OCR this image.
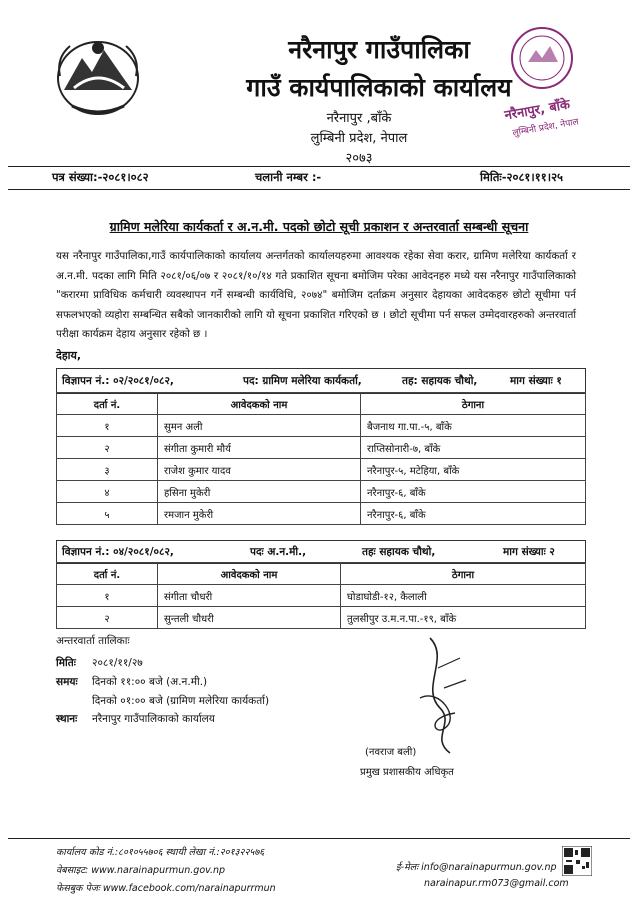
नरैनापुर गाउँपालिका
गाउँ कार्यपालिकाको कार्यालय
नरैनापुर ,बाँके
लुम्बिनी प्रदेश, नेपाल
२०७३
नरैनापुर, बाँके
लुम्बिनी प्रदेश, नेपाल
पत्र संख्या:-२०८१।०८२	चलानी नम्बर :-	मितिः-२०८१।११।२५
ग्रामिण मलेरिया कार्यकर्ता र अ.न.मी. पदको छोटो सूची प्रकाशन र अन्तरवार्ता सम्बन्धी सूचना
यस नरैनापुर गाउँपालिका,गाउँ कार्यपालिकाको कार्यालय अन्तर्गतको कार्यालयहरुमा आवश्यक रहेका सेवा करार, ग्रामिण मलेरिया कार्यकर्ता र अ.न.मी. पदका लागि मिति २०८१/०६/०७ र २०८१/१०/१४ गते प्रकाशित सूचना बमोजिम परेका आवेदनहरु मध्ये यस नरैनापुर गाउँपालिकाको "करारमा प्राविधिक कर्मचारी व्यवस्थापन गर्ने सम्बन्धी कार्यविधि, २०७४" बमोजिम दर्ताक्रम अनुसार देहायका आवेदकहरु छोटो सूचीमा पर्न सफलभएको व्यहोरा सम्बन्धित सबैको जानकारीको लागि यो सूचना प्रकाशित गरिएको छ । छोटो सूचीमा पर्न सफल उम्मेदवारहरुको अन्तरवार्ता परीक्षा कार्यक्रम देहाय अनुसार रहेको छ ।
देहाय,
विज्ञापन नं.: ०२/२०८१/०८२,	पद: ग्रामिण मलेरिया कार्यकर्ता,	तह: सहायक चौथो,	माग संख्याः १
दर्ता नं.	आवेदकको नाम	ठेगाना
१	सुमन अली	बैजनाथ गा.पा.-५, बाँके
२	संगीता कुमारी मौर्य	राप्तिसोनारी-७, बाँके
३	राजेश कुमार यादव	नरैनापुर-५, मटेहिया, बाँके
४	हसिना मुकेरी	नरैनापुर-६, बाँके
५	रमजान मुकेरी	नरैनापुर-६, बाँके
विज्ञापन नं.: ०४/२०८१/०८२,	पदः अ.न.मी.,	तहः सहायक चौथो,	माग संख्याः २
दर्ता नं.	आवेदकको नाम	ठेगाना
१	संगीता चौधरी	घोडाघोडी-१२, कैलाली
२	सुन्तली चौधरी	तुलसीपुर उ.म.न.पा.-१९, बाँके
अन्तरवार्ता तालिकाः
मितिः २०८१/११/२७
समयः दिनको ११:०० बजे (अ.न.मी.)
दिनको ०१:०० बजे (ग्रामिण मलेरिया कार्यकर्ता)
स्थानः नरैनापुर गाउँपालिकाको कार्यालय
(नवराज बली)
प्रमुख प्रशासकीय अधिकृत
कार्यालय कोड नं.:८०१०५५७०६ स्थायी लेखा नं.:२०१३२२५७६
वेबसाइट: www.narainapurmun.gov.np
फेसबुक पेजः www.facebook.com/narainapurrmun
ई-मेलः info@narainapurmun.gov.np
narainapur.rm073@gmail.com
